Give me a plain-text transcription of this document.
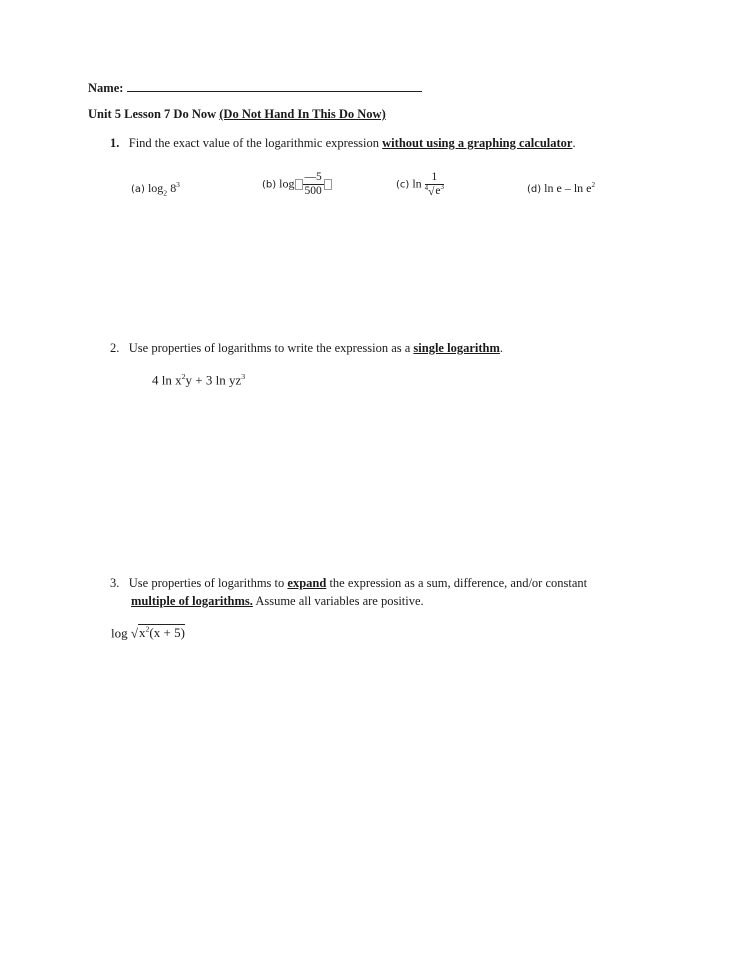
Name:
Unit 5 Lesson 7 Do Now (Do Not Hand In This Do Now)
1. Find the exact value of the logarithmic expression without using a graphing calculator.
(a) $\log_2 8^3$	(b) $\log \frac{—5}{500}$	(c) $\ln \frac{1}{^4√e^3}$	(d) ln e – $\ln e^2$
2. Use properties of logarithms to write the expression as a single logarithm.
4 $\ln x^2y + 3$ $\ln yz^3$
3. Use properties of logarithms to expand the expression as a sum, difference, and/or constant
multiple of logarithms. Assume all variables are positive.
$\log √x^2(x + 5)$
